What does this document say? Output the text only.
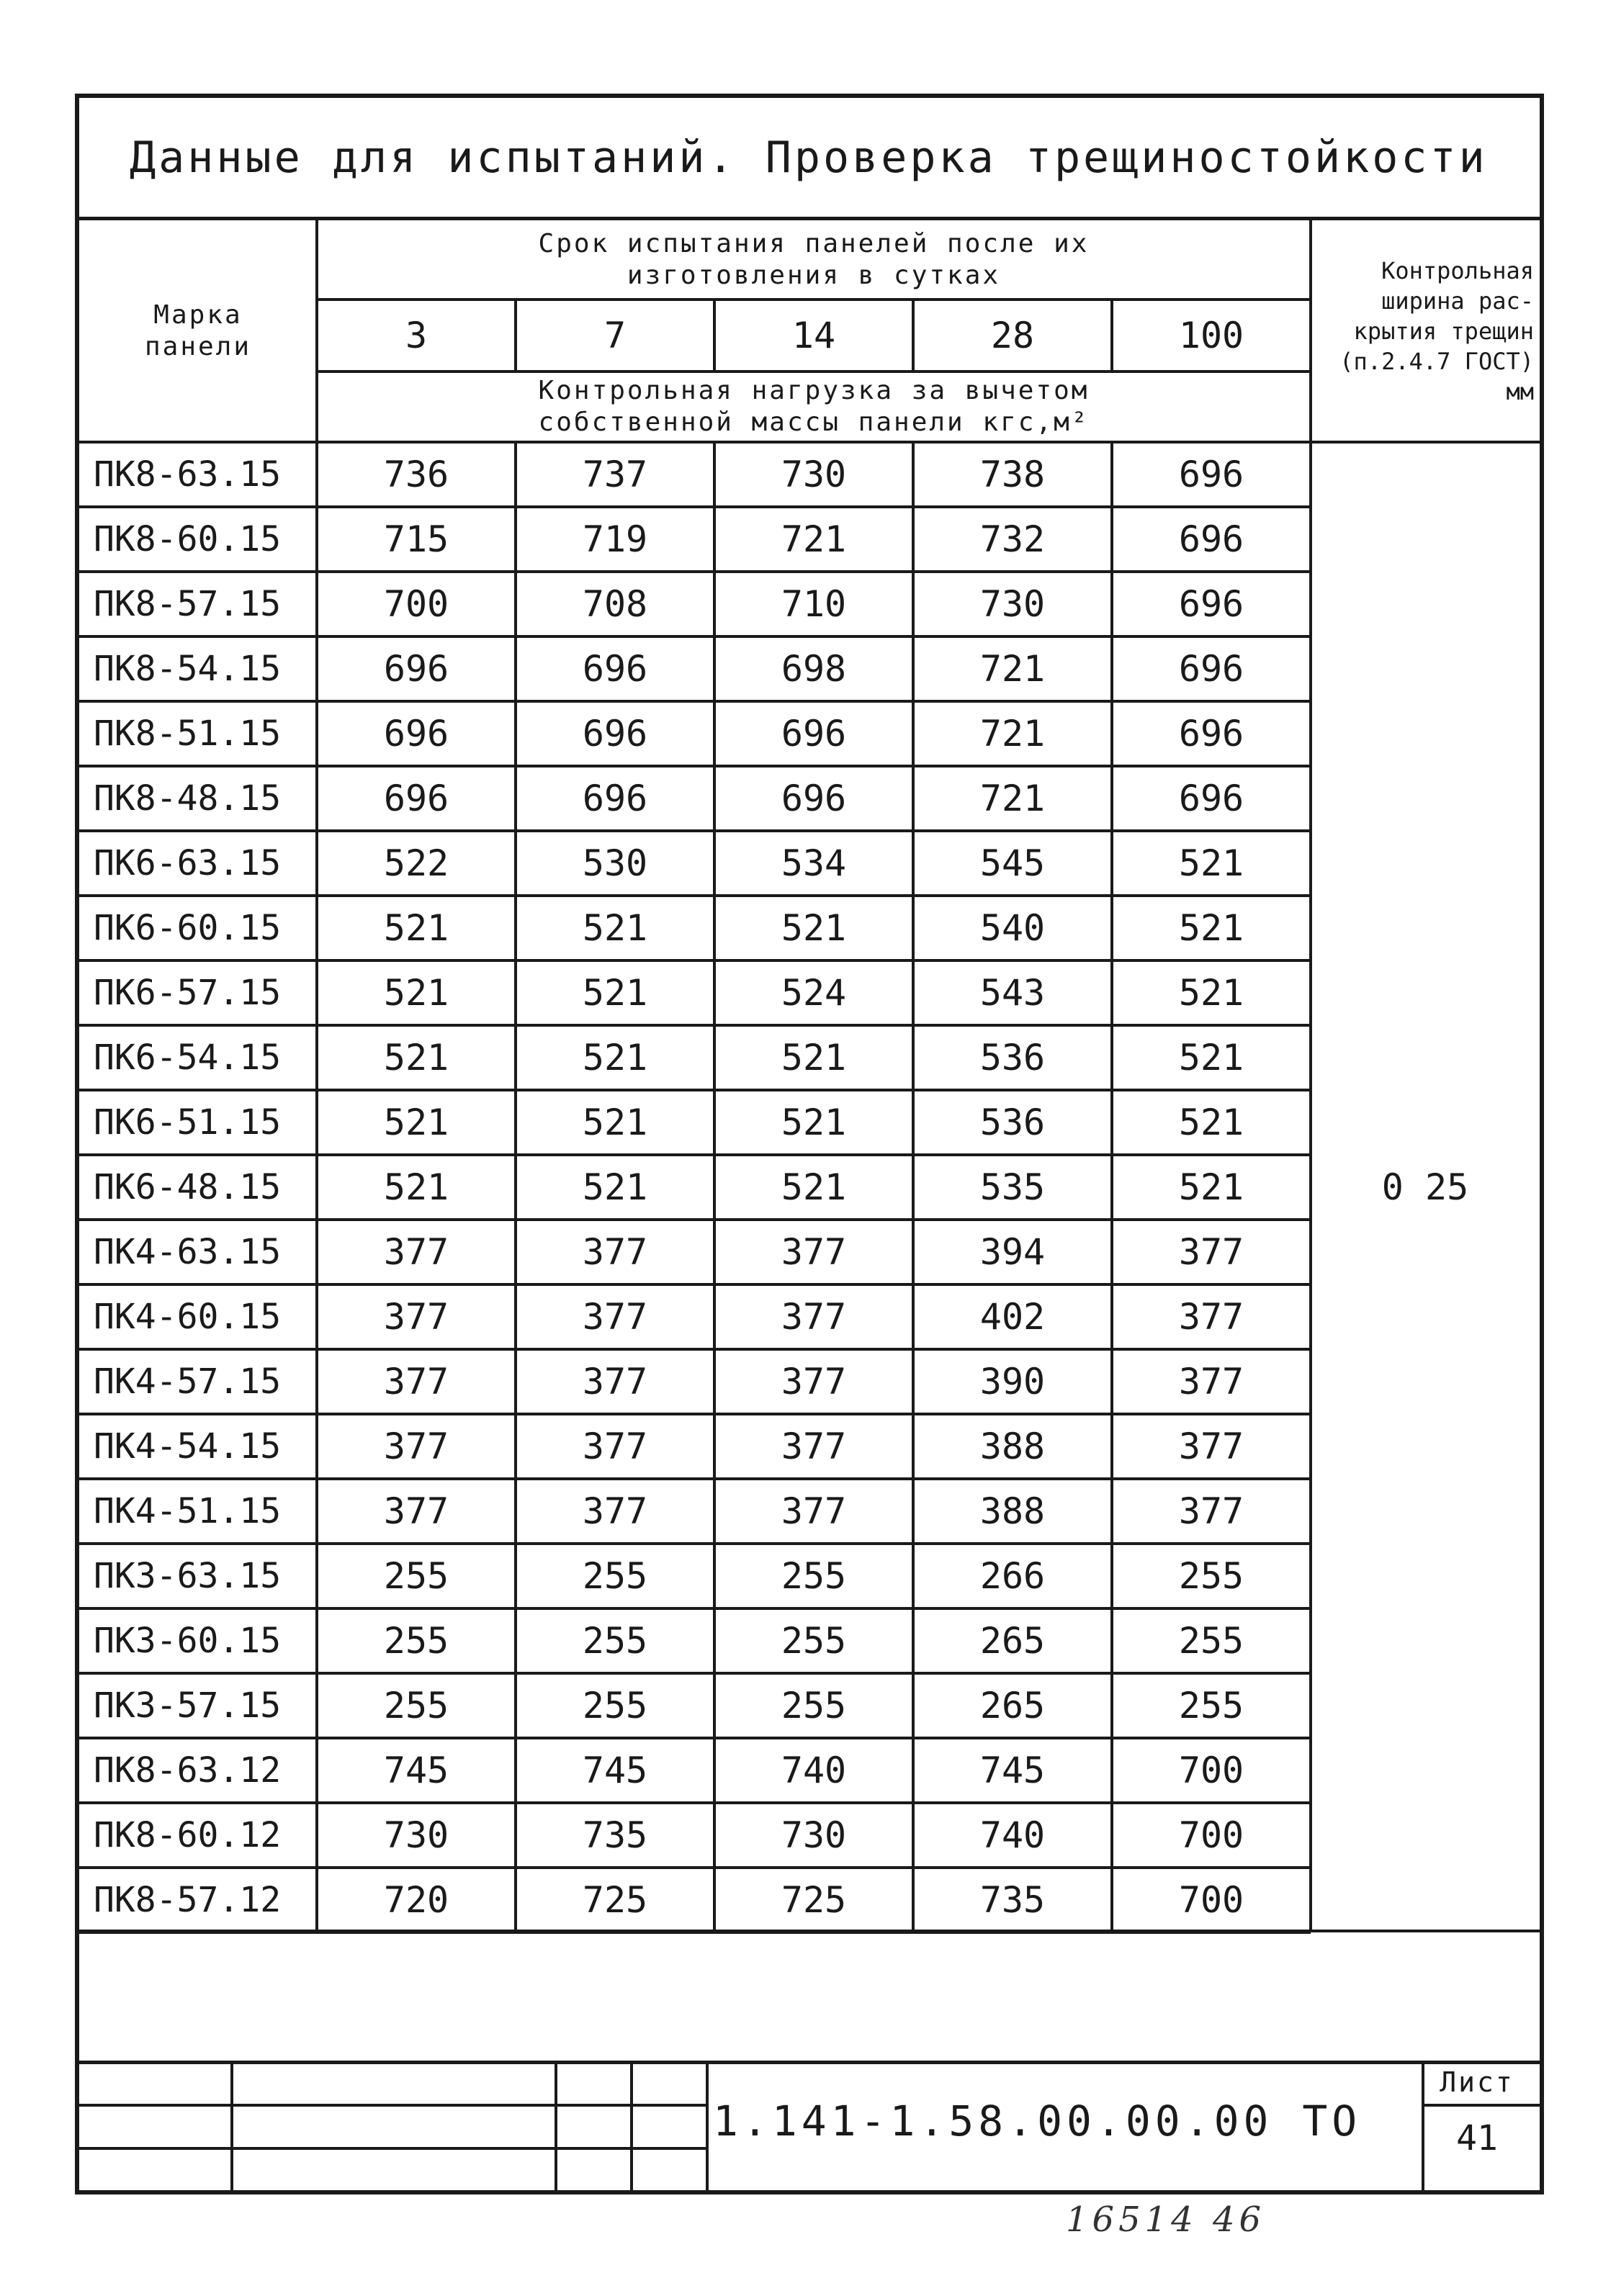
Данные для испытаний. Проверка трещиностойкости
Марка
панели
Срок испытания панелей после их
изготовления в сутках
3	7	14	28	100
Контрольная нагрузка за вычетом
собственной массы панели кгс,м²
Контрольная
ширина рас-
крытия трещин
(п.2.4.7 ГОСТ)
мм
ПК8-63.15	736	737	730	738	696
ПК8-60.15	715	719	721	732	696
ПК8-57.15	700	708	710	730	696
ПК8-54.15	696	696	698	721	696
ПК8-51.15	696	696	696	721	696
ПК8-48.15	696	696	696	721	696
ПК6-63.15	522	530	534	545	521
ПК6-60.15	521	521	521	540	521
ПК6-57.15	521	521	524	543	521
ПК6-54.15	521	521	521	536	521
ПК6-51.15	521	521	521	536	521
ПК6-48.15	521	521	521	535	521
ПК4-63.15	377	377	377	394	377
ПК4-60.15	377	377	377	402	377
ПК4-57.15	377	377	377	390	377
ПК4-54.15	377	377	377	388	377
ПК4-51.15	377	377	377	388	377
ПК3-63.15	255	255	255	266	255
ПК3-60.15	255	255	255	265	255
ПК3-57.15	255	255	255	265	255
ПК8-63.12	745	745	740	745	700
ПК8-60.12	730	735	730	740	700
ПК8-57.12	720	725	725	735	700
0 25
1.141-1.58.00.00.00 ТО
Лист
41
16514 46
